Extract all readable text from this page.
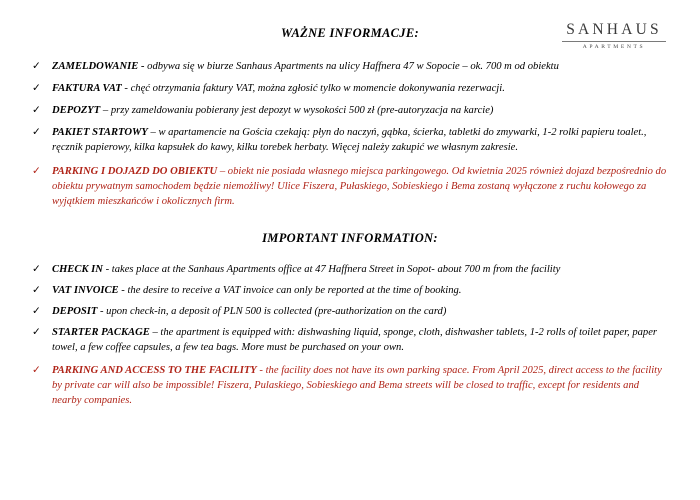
SANHAUS
APARTMENTS
WAŻNE INFORMACJE:
✓ ZAMELDOWANIE - odbywa się w biurze Sanhaus Apartments na ulicy Haffnera 47 w Sopocie – ok. 700 m od obiektu
✓ FAKTURA VAT - chęć otrzymania faktury VAT, można zgłosić tylko w momencie dokonywania rezerwacji.
✓ DEPOZYT – przy zameldowaniu pobierany jest depozyt w wysokości 500 zł (pre-autoryzacja na karcie)
✓ PAKIET STARTOWY – w apartamencie na Gościa czekają: płyn do naczyń, gąbka, ścierka, tabletki do zmywarki, 1-2 rolki papieru toalet., ręcznik papierowy, kilka kapsułek do kawy, kilku torebek herbaty. Więcej należy zakupić we własnym zakresie.
✓ PARKING I DOJAZD DO OBIEKTU – obiekt nie posiada własnego miejsca parkingowego. Od kwietnia 2025 również dojazd bezpośrednio do obiektu prywatnym samochodem będzie niemożliwy! Ulice Fiszera, Pułaskiego, Sobieskiego i Bema zostaną wyłączone z ruchu kołowego za wyjątkiem mieszkańców i okolicznych firm.
IMPORTANT INFORMATION:
✓ CHECK IN - takes place at the Sanhaus Apartments office at 47 Haffnera Street in Sopot- about 700 m from the facility
✓ VAT INVOICE - the desire to receive a VAT invoice can only be reported at the time of booking.
✓ DEPOSIT - upon check-in, a deposit of PLN 500 is collected (pre-authorization on the card)
✓ STARTER PACKAGE – the apartment is equipped with: dishwashing liquid, sponge, cloth, dishwasher tablets, 1-2 rolls of toilet paper, paper towel, a few coffee capsules, a few tea bags. More must be purchased on your own.
✓ PARKING AND ACCESS TO THE FACILITY - the facility does not have its own parking space. From April 2025, direct access to the facility by private car will also be impossible! Fiszera, Pulaskiego, Sobieskiego and Bema streets will be closed to traffic, except for residents and nearby companies.
